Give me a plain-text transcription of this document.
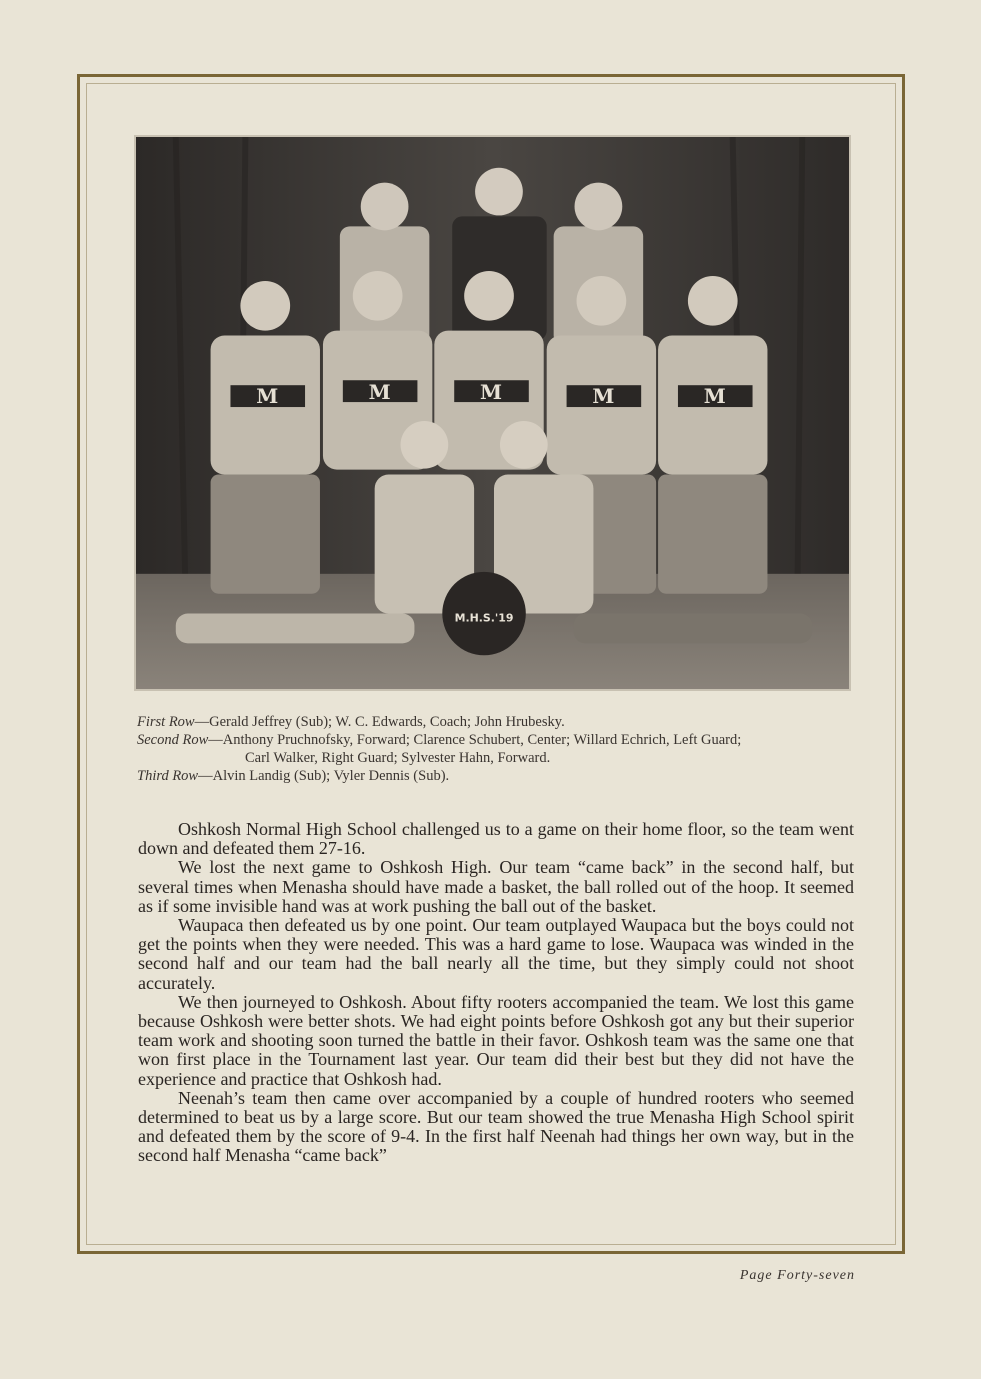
M	M	M	M	M
M.H.S.'19

First Row—Gerald Jeffrey (Sub); W. C. Edwards, Coach; John Hrubesky.

Second Row—Anthony Pruchnofsky, Forward; Clarence Schubert, Center; Willard Echrich, Left Guard;

Carl Walker, Right Guard; Sylvester Hahn, Forward.

Third Row—Alvin Landig (Sub); Vyler Dennis (Sub).

Oshkosh Normal High School challenged us to a game on their home floor, so the team went down and defeated them 27-16.

We lost the next game to Oshkosh High. Our team “came back” in the second half, but several times when Menasha should have made a basket, the ball rolled out of the hoop. It seemed as if some invisible hand was at work pushing the ball out of the basket.

Waupaca then defeated us by one point. Our team outplayed Waupaca but the boys could not get the points when they were needed. This was a hard game to lose. Waupaca was winded in the second half and our team had the ball nearly all the time, but they simply could not shoot accurately.

We then journeyed to Oshkosh. About fifty rooters accompanied the team. We lost this game because Oshkosh were better shots. We had eight points before Oshkosh got any but their superior team work and shooting soon turned the battle in their favor. Oshkosh team was the same one that won first place in the Tournament last year. Our team did their best but they did not have the experience and practice that Oshkosh had.

Neenah’s team then came over accompanied by a couple of hundred rooters who seemed determined to beat us by a large score. But our team showed the true Menasha High School spirit and defeated them by the score of 9-4. In the first half Neenah had things her own way, but in the second half Menasha “came back”

Page Forty-seven
